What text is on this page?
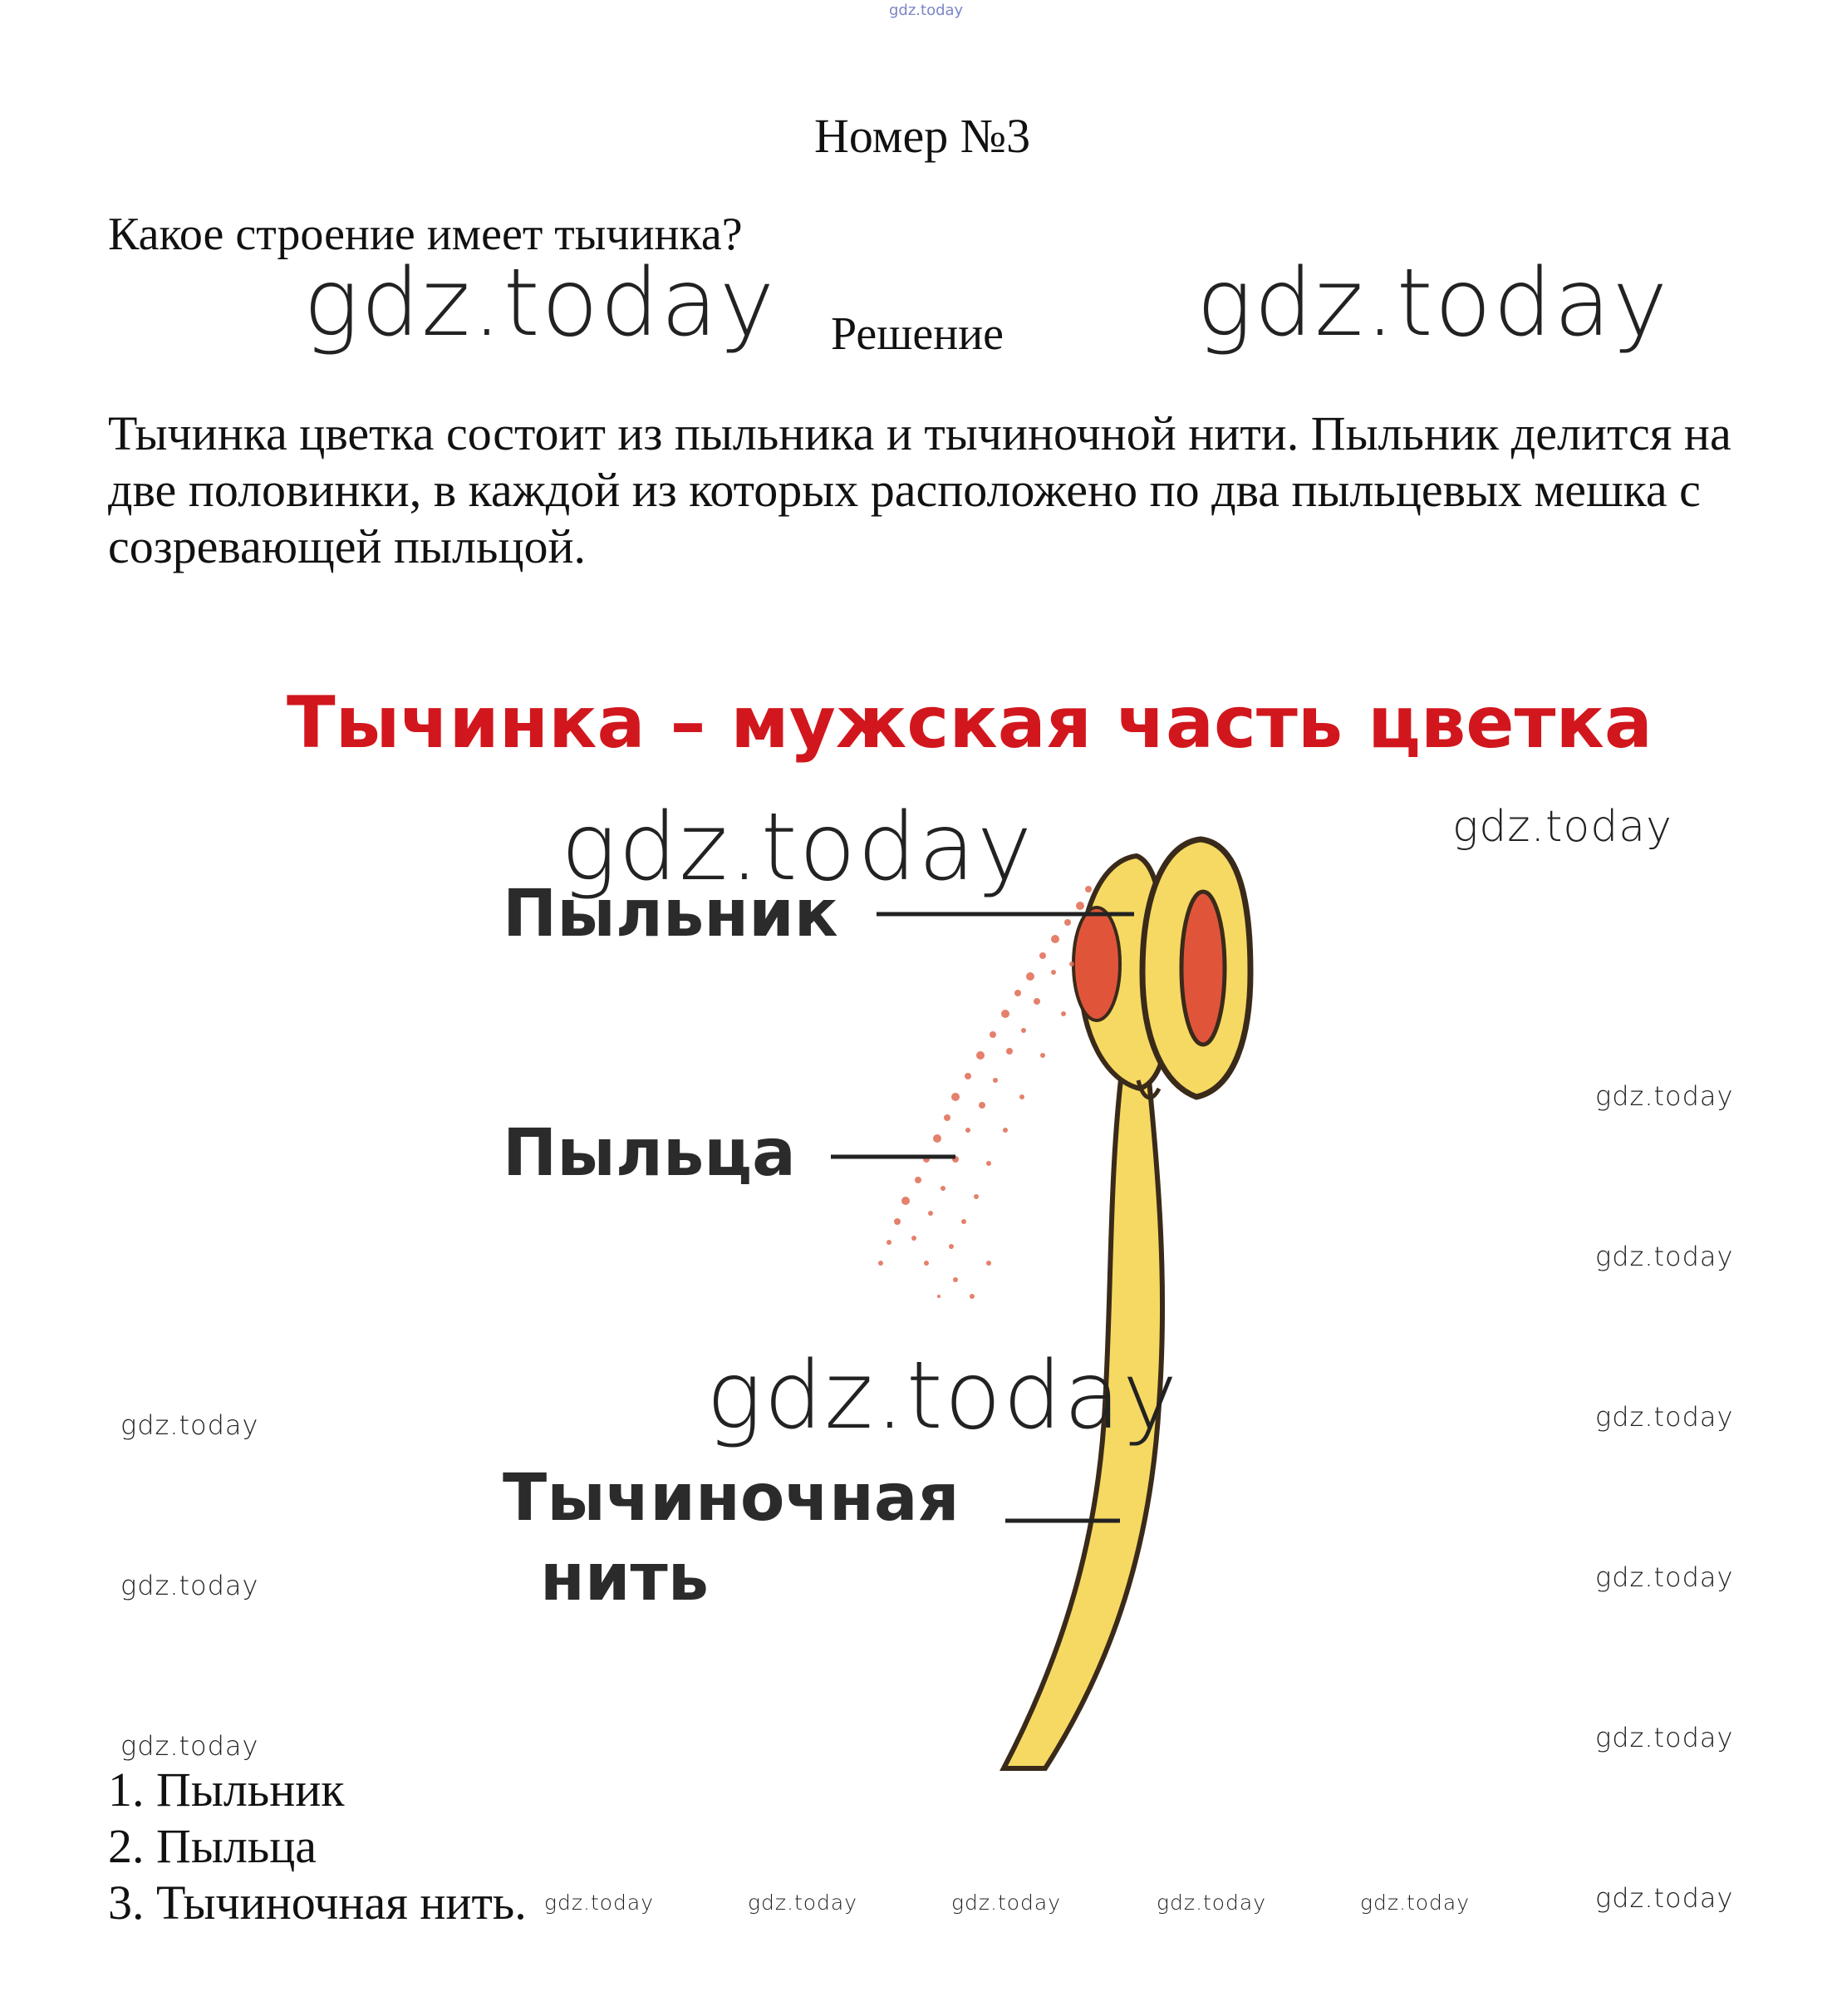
gdz.today
Номер №3
Какое строение имеет тычинка?
gdz.today	gdz.today
Решение
Тычинка цветка состоит из пыльника и тычиночной нити. Пыльник делится на две половинки, в каждой из которых расположено по два пыльцевых мешка с созревающей пыльцой.
Тычинка – мужская часть цветка
Пыльник
Пыльца
Тычиночная
нить
gdz.today	gdz.today
gdz.today
gdz.today
gdz.today
gdz.today
gdz.today
gdz.today
gdz.today
gdz.today
gdz.today
gdz.today

1. Пыльник

2. Пыльца

3. Тычиночная нить. gdz.today	gdz.today	gdz.today	gdz.today	gdz.today
